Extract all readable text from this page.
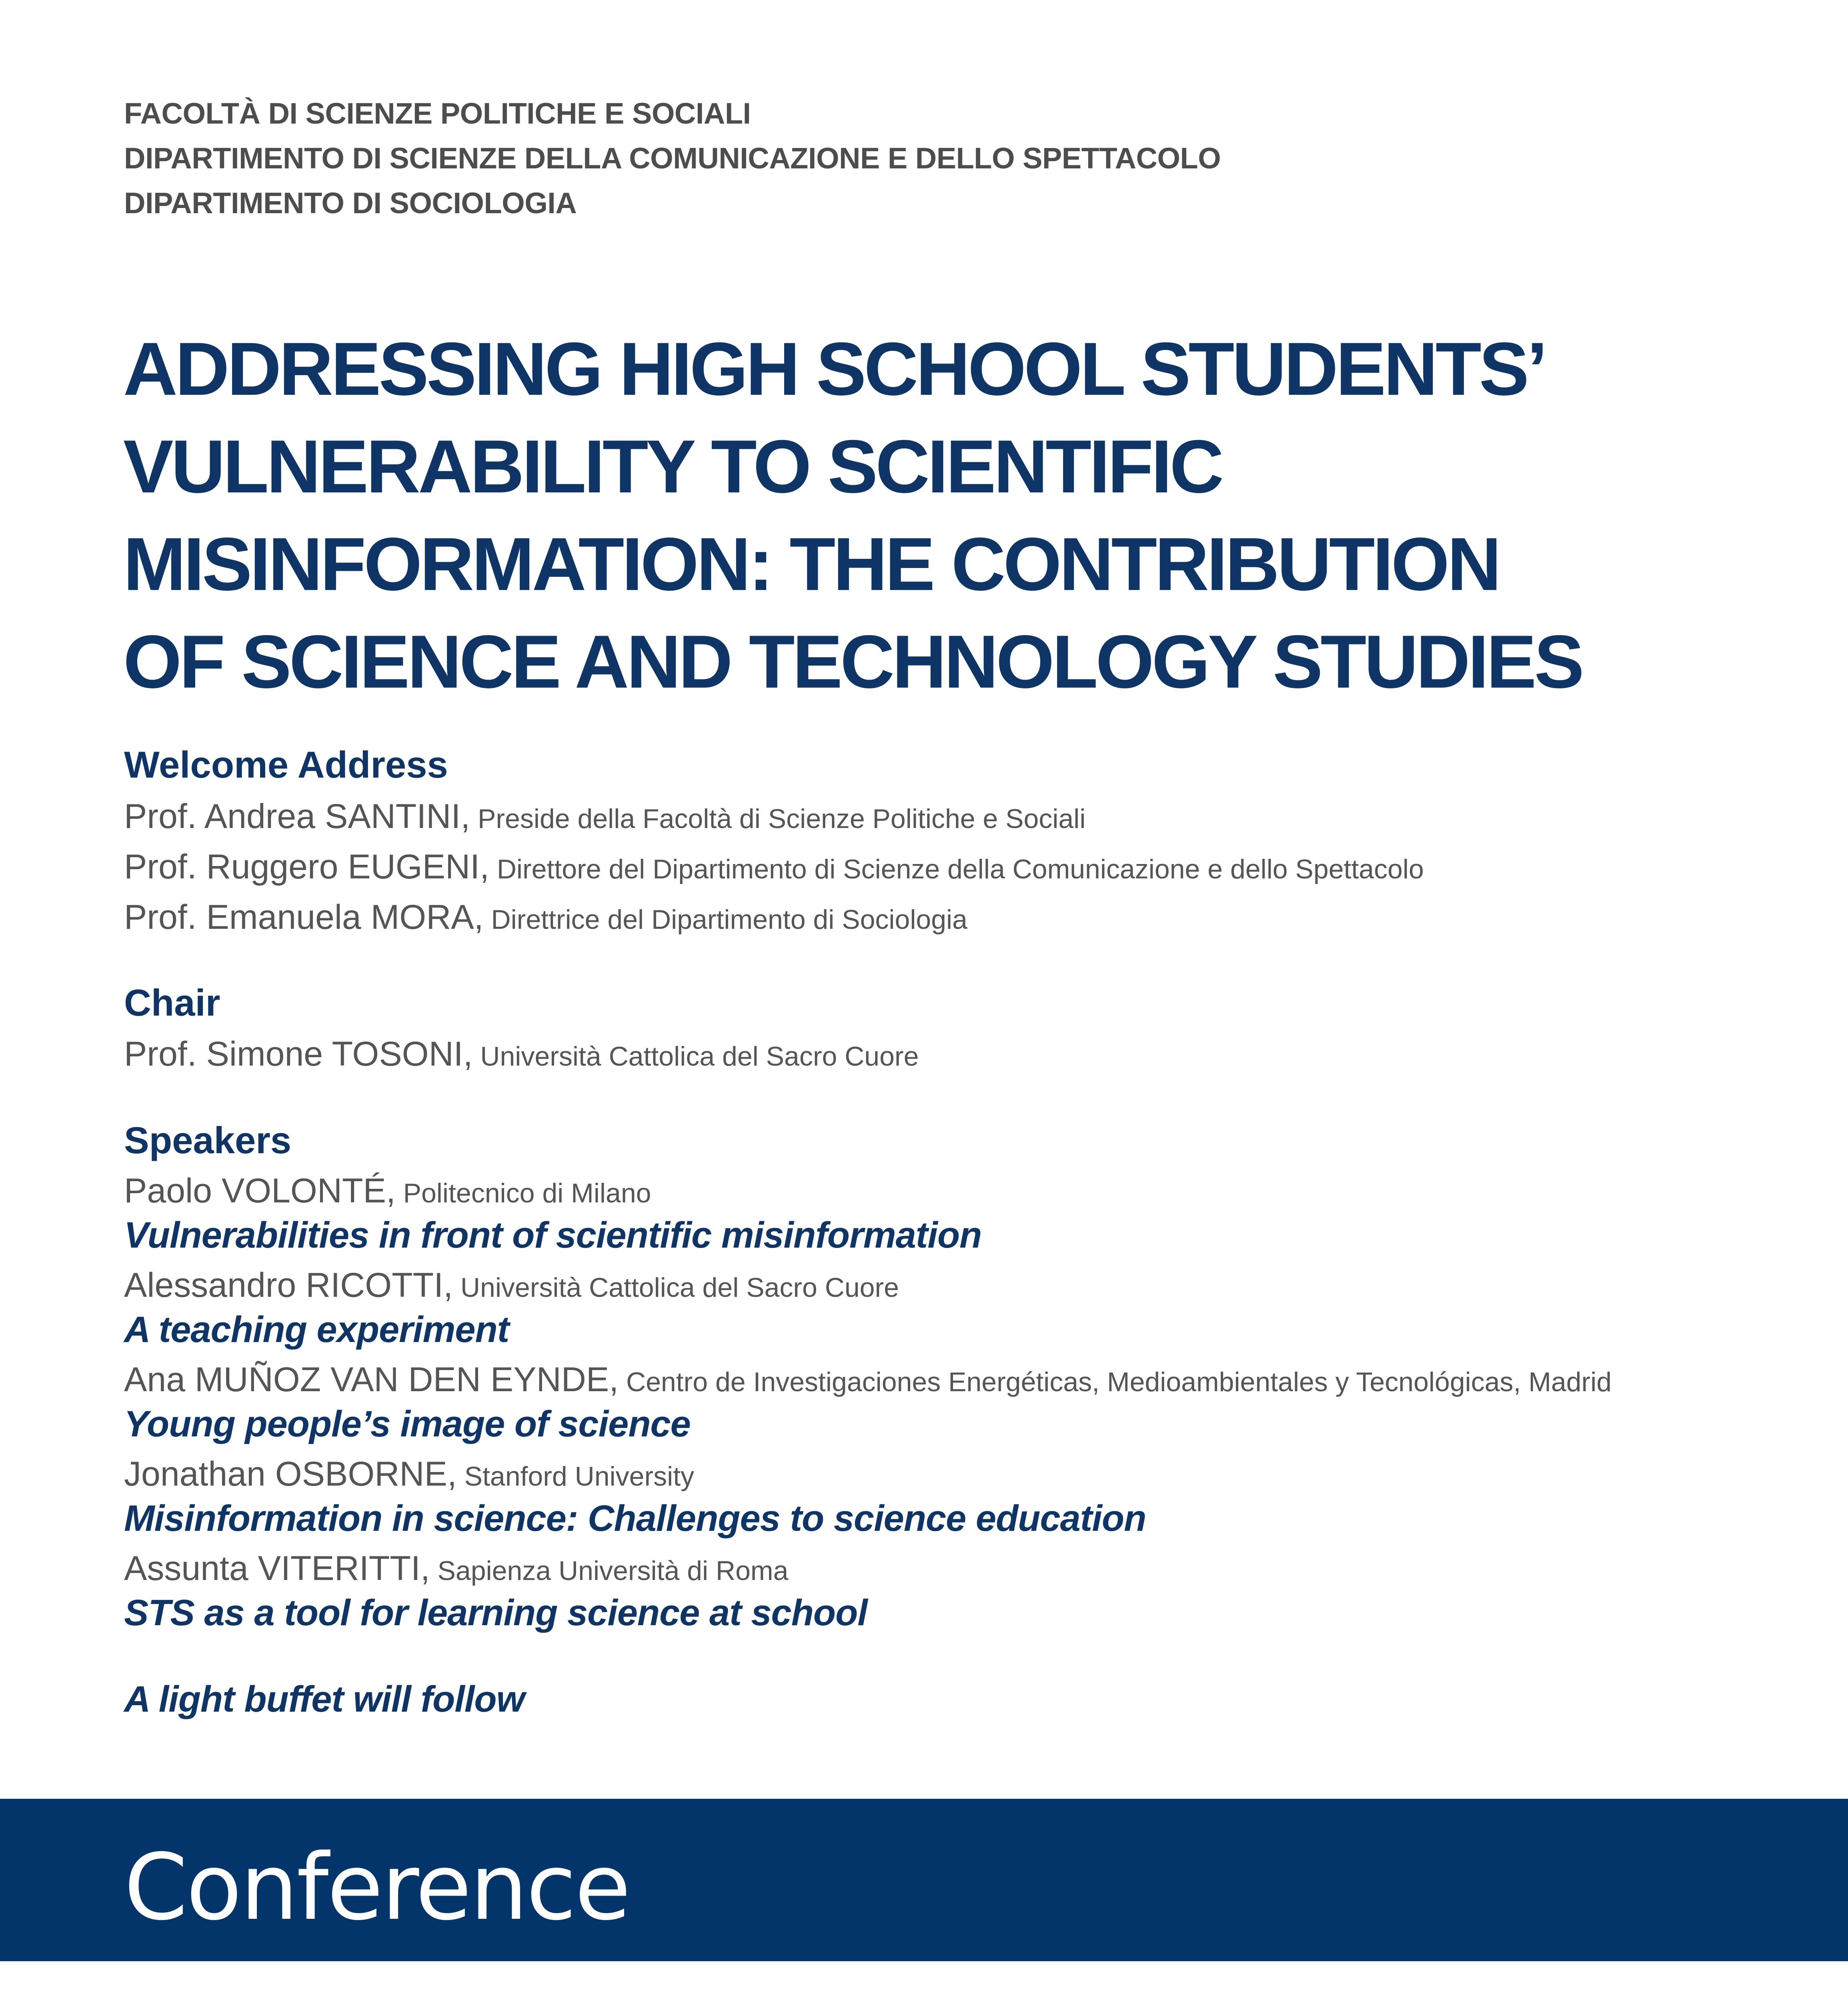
FACOLTÀ DI SCIENZE POLITICHE E SOCIALI
DIPARTIMENTO DI SCIENZE DELLA COMUNICAZIONE E DELLO SPETTACOLO
DIPARTIMENTO DI SOCIOLOGIA
ADDRESSING HIGH SCHOOL STUDENTS’
VULNERABILITY TO SCIENTIFIC
MISINFORMATION: THE CONTRIBUTION
OF SCIENCE AND TECHNOLOGY STUDIES
Welcome Address
Prof. Andrea SANTINI, Preside della Facoltà di Scienze Politiche e Sociali
Prof. Ruggero EUGENI, Direttore del Dipartimento di Scienze della Comunicazione e dello Spettacolo
Prof. Emanuela MORA, Direttrice del Dipartimento di Sociologia
Chair
Prof. Simone TOSONI, Università Cattolica del Sacro Cuore
Speakers
Paolo VOLONTÉ, Politecnico di Milano
Vulnerabilities in front of scientific misinformation
Alessandro RICOTTI, Università Cattolica del Sacro Cuore
A teaching experiment
Ana MUÑOZ VAN DEN EYNDE, Centro de Investigaciones Energéticas, Medioambientales y Tecnológicas, Madrid
Young people’s image of science
Jonathan OSBORNE, Stanford University
Misinformation in science: Challenges to science education
Assunta VITERITTI, Sapienza Università di Roma
STS as a tool for learning science at school
A light buffet will follow
Conference
